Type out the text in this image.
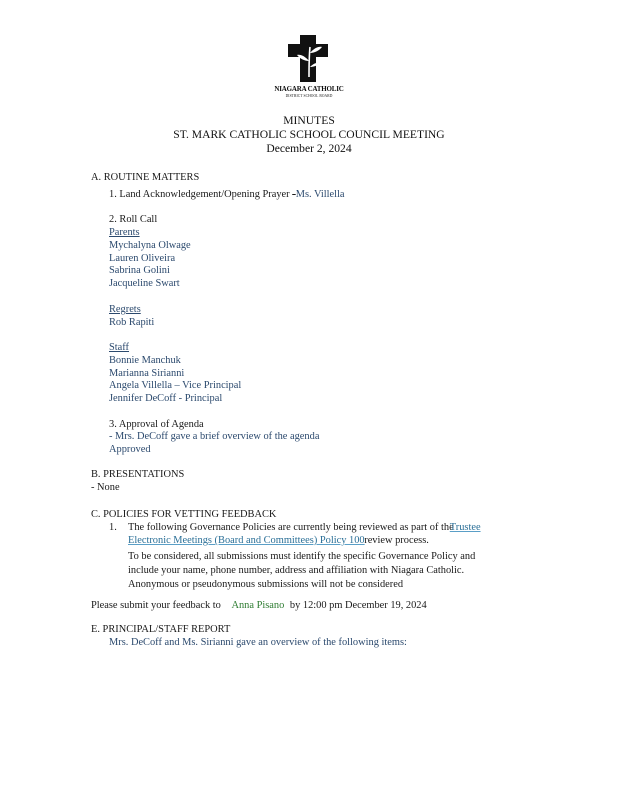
NIAGARA CATHOLIC
DISTRICT SCHOOL BOARD
MINUTES
ST. MARK CATHOLIC SCHOOL COUNCIL MEETING
December 2, 2024
A. ROUTINE MATTERS
1. Land Acknowledgement/Opening Prayer -Ms. Villella
2. Roll Call
Parents
Mychalyna Olwage
Lauren Oliveira
Sabrina Golini
Jacqueline Swart
Regrets
Rob Rapiti
Staff
Bonnie Manchuk
Marianna Sirianni
Angela Villella – Vice Principal
Jennifer DeCoff - Principal
3. Approval of Agenda
- Mrs. DeCoff gave a brief overview of the agenda
Approved
B. PRESENTATIONS
- None
C. POLICIES FOR VETTING FEEDBACK
1. The following Governance Policies are currently being reviewed as part of theTrustee
Electronic Meetings (Board and Committees) Policy 100 review process.
To be considered, all submissions must identify the specific Governance Policy and
include your name, phone number, address and affiliation with Niagara Catholic.
Anonymous or pseudonymous submissions will not be considered
Please submit your feedback to Anna Pisano by 12:00 pm December 19, 2024
E. PRINCIPAL/STAFF REPORT
Mrs. DeCoff and Ms. Sirianni gave an overview of the following items:
